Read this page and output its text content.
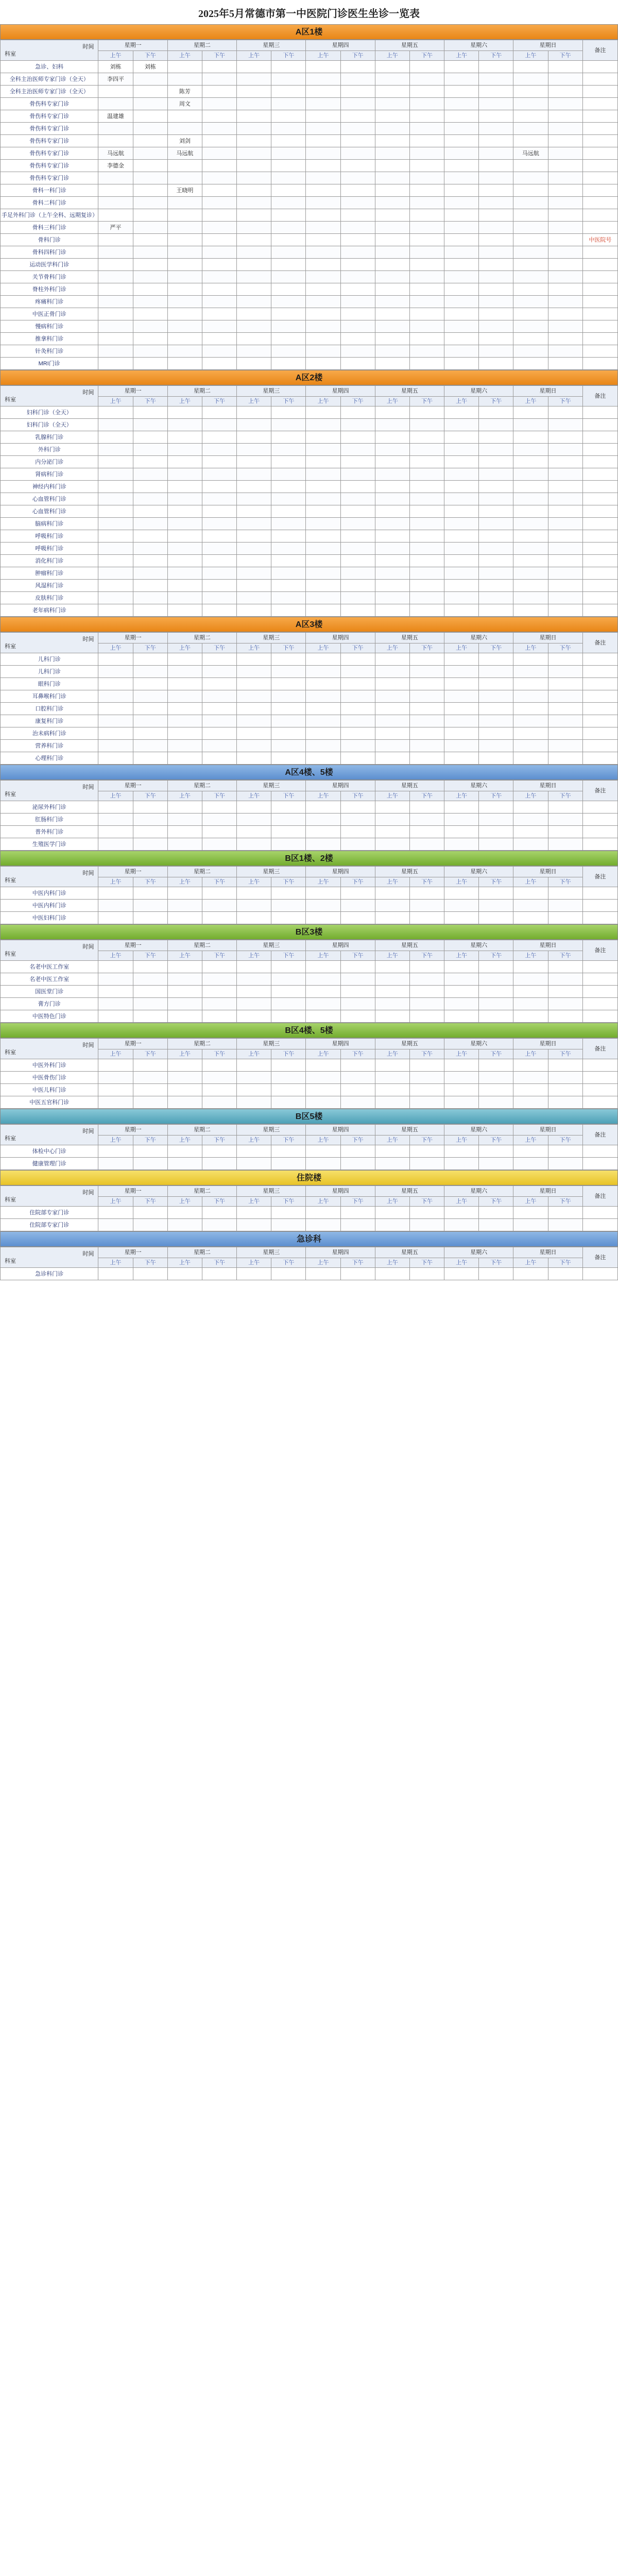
2025年5月常德市第一中医院门诊医生坐诊一览表
A区1楼
时间
科室	星期一		星期二		星期三		星期四		星期五		星期六		星期日		备注
	上午	下午	上午	下午	上午	下午	上午	下午	上午	下午	上午	下午	上午	下午	
急诊、妇科	刘栋	刘栋													
全科主治医师专家门诊（全天）	李四平														
全科主治医师专家门诊（全天）			陈芳												
骨伤科专家门诊			周文												
骨伤科专家门诊	温建雄														
骨伤科专家门诊															
骨伤科专家门诊			刘剑												
骨伤科专家门诊	马远航		马远航										马远航		
骨伤科专家门诊	李德金														
骨伤科专家门诊															
骨科一科门诊			王晓明												
骨科二科门诊															
手足外科门诊（上午全科、远期复诊）															
骨科三科门诊	严平														
骨科门诊															中医院号
骨科四科门诊															
运动医学科门诊															
关节骨科门诊															
脊柱外科门诊															
疼痛科门诊															
中医正骨门诊															
慢病科门诊															
推拿科门诊															
针灸科门诊															
MRI门诊															
A区2楼
时间
科室	星期一		星期二		星期三		星期四		星期五		星期六		星期日		备注
	上午	下午	上午	下午	上午	下午	上午	下午	上午	下午	上午	下午	上午	下午	
妇科门诊（全天）															
妇科门诊（全天）															
乳腺科门诊															
外科门诊															
内分泌门诊															
肾病科门诊															
神经内科门诊															
心血管科门诊															
心血管科门诊															
脑病科门诊															
呼吸科门诊															
呼吸科门诊															
消化科门诊															
肿瘤科门诊															
风湿科门诊															
皮肤科门诊															
老年病科门诊															
A区3楼
时间
科室	星期一		星期二		星期三		星期四		星期五		星期六		星期日		备注
	上午	下午	上午	下午	上午	下午	上午	下午	上午	下午	上午	下午	上午	下午	
儿科门诊															
儿科门诊															
眼科门诊															
耳鼻喉科门诊															
口腔科门诊															
康复科门诊															
治未病科门诊															
营养科门诊															
心理科门诊															
A区4楼、5楼
时间
科室	星期一		星期二		星期三		星期四		星期五		星期六		星期日		备注
	上午	下午	上午	下午	上午	下午	上午	下午	上午	下午	上午	下午	上午	下午	
泌尿外科门诊															
肛肠科门诊															
普外科门诊															
生殖医学门诊															
B区1楼、2楼
时间
科室	星期一		星期二		星期三		星期四		星期五		星期六		星期日		备注
	上午	下午	上午	下午	上午	下午	上午	下午	上午	下午	上午	下午	上午	下午	
中医内科门诊															
中医内科门诊															
中医妇科门诊															
B区3楼
时间
科室	星期一		星期二		星期三		星期四		星期五		星期六		星期日		备注
	上午	下午	上午	下午	上午	下午	上午	下午	上午	下午	上午	下午	上午	下午	
名老中医工作室															
名老中医工作室															
国医堂门诊															
膏方门诊															
中医特色门诊															
B区4楼、5楼
时间
科室	星期一		星期二		星期三		星期四		星期五		星期六		星期日		备注
	上午	下午	上午	下午	上午	下午	上午	下午	上午	下午	上午	下午	上午	下午	
中医外科门诊															
中医骨伤门诊															
中医儿科门诊															
中医五官科门诊															
B区5楼
时间
科室	星期一		星期二		星期三		星期四		星期五		星期六		星期日		备注
	上午	下午	上午	下午	上午	下午	上午	下午	上午	下午	上午	下午	上午	下午	
体检中心门诊															
健康管理门诊															
住院楼
时间
科室	星期一		星期二		星期三		星期四		星期五		星期六		星期日		备注
	上午	下午	上午	下午	上午	下午	上午	下午	上午	下午	上午	下午	上午	下午	
住院部专家门诊															
住院部专家门诊															
急诊科
时间
科室	星期一		星期二		星期三		星期四		星期五		星期六		星期日		备注
	上午	下午	上午	下午	上午	下午	上午	下午	上午	下午	上午	下午	上午	下午	
急诊科门诊															
